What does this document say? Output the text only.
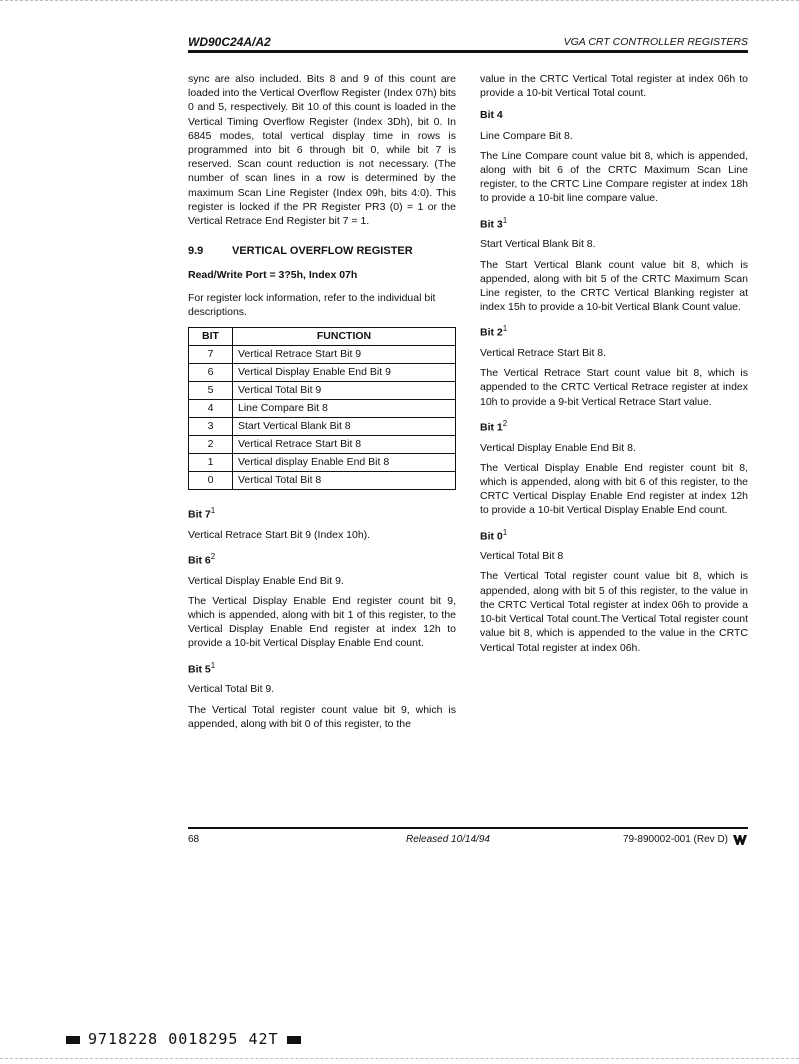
WD90C24A/A2	VGA CRT CONTROLLER REGISTERS

sync are also included. Bits 8 and 9 of this count are loaded into the Vertical Overflow Register (Index 07h) bits 0 and 5, respectively. Bit 10 of this count is loaded in the Vertical Timing Overflow Register (Index 3Dh), bit 0. In 6845 modes, total vertical display time in rows is programmed into bit 6 through bit 0, while bit 7 is reserved. Scan count reduction is not necessary. (The number of scan lines in a row is determined by the maximum Scan Line Register (Index 09h, bits 4:0). This register is locked if the PR Register PR3 (0) = 1 or the Vertical Retrace End Register bit 7 = 1.

9.9	VERTICAL OVERFLOW REGISTER
Read/Write Port = 3?5h, Index 07h

For register lock information, refer to the individual bit descriptions.

BIT	FUNCTION
7	Vertical Retrace Start Bit 9
6	Vertical Display Enable End Bit 9
5	Vertical Total Bit 9
4	Line Compare Bit 8
3	Start Vertical Blank Bit 8
2	Vertical Retrace Start Bit 8
1	Vertical display Enable End Bit 8
0	Vertical Total Bit 8
Bit $7^1$

Vertical Retrace Start Bit 9 (Index 10h).

Bit $6^2$

Vertical Display Enable End Bit 9.

The Vertical Display Enable End register count bit 9, which is appended, along with bit 1 of this register, to the Vertical Display Enable End register at index 12h to provide a 10-bit Vertical Display Enable End count.

Bit $5^1$

Vertical Total Bit 9.

The Vertical Total register count value bit 9, which is appended, along with bit 0 of this register, to the

value in the CRTC Vertical Total register at index 06h to provide a 10-bit Vertical Total count.

Bit 4

Line Compare Bit 8.

The Line Compare count value bit 8, which is appended, along with bit 6 of the CRTC Maximum Scan Line register, to the CRTC Line Compare register at index 18h to provide a 10-bit line compare value.

Bit $3^1$

Start Vertical Blank Bit 8.

The Start Vertical Blank count value bit 8, which is appended, along with bit 5 of the CRTC Maximum Scan Line register, to the CRTC Vertical Blanking register at index 15h to provide a 10-bit Vertical Blank Count value.

Bit $2^1$

Vertical Retrace Start Bit 8.

The Vertical Retrace Start count value bit 8, which is appended to the CRTC Vertical Retrace register at index 10h to provide a 9-bit Vertical Retrace Start value.

Bit $1^2$

Vertical Display Enable End Bit 8.

The Vertical Display Enable End register count bit 8, which is appended, along with bit 6 of this register, to the CRTC Vertical Display Enable End register at index 12h to provide a 10-bit Vertical Display Enable End count.

Bit $0^1$

Vertical Total Bit 8

The Vertical Total register count value bit 8, which is appended, along with bit 5 of this register, to the value in the CRTC Vertical Total register at index 06h to provide a 10-bit Vertical Total count.The Vertical Total register count value bit 8, which is appended to the value in the CRTC Vertical Total register at index 06h.

68	Released 10/14/94	79-890002-001 (Rev D)
9718228 0018295 42T
